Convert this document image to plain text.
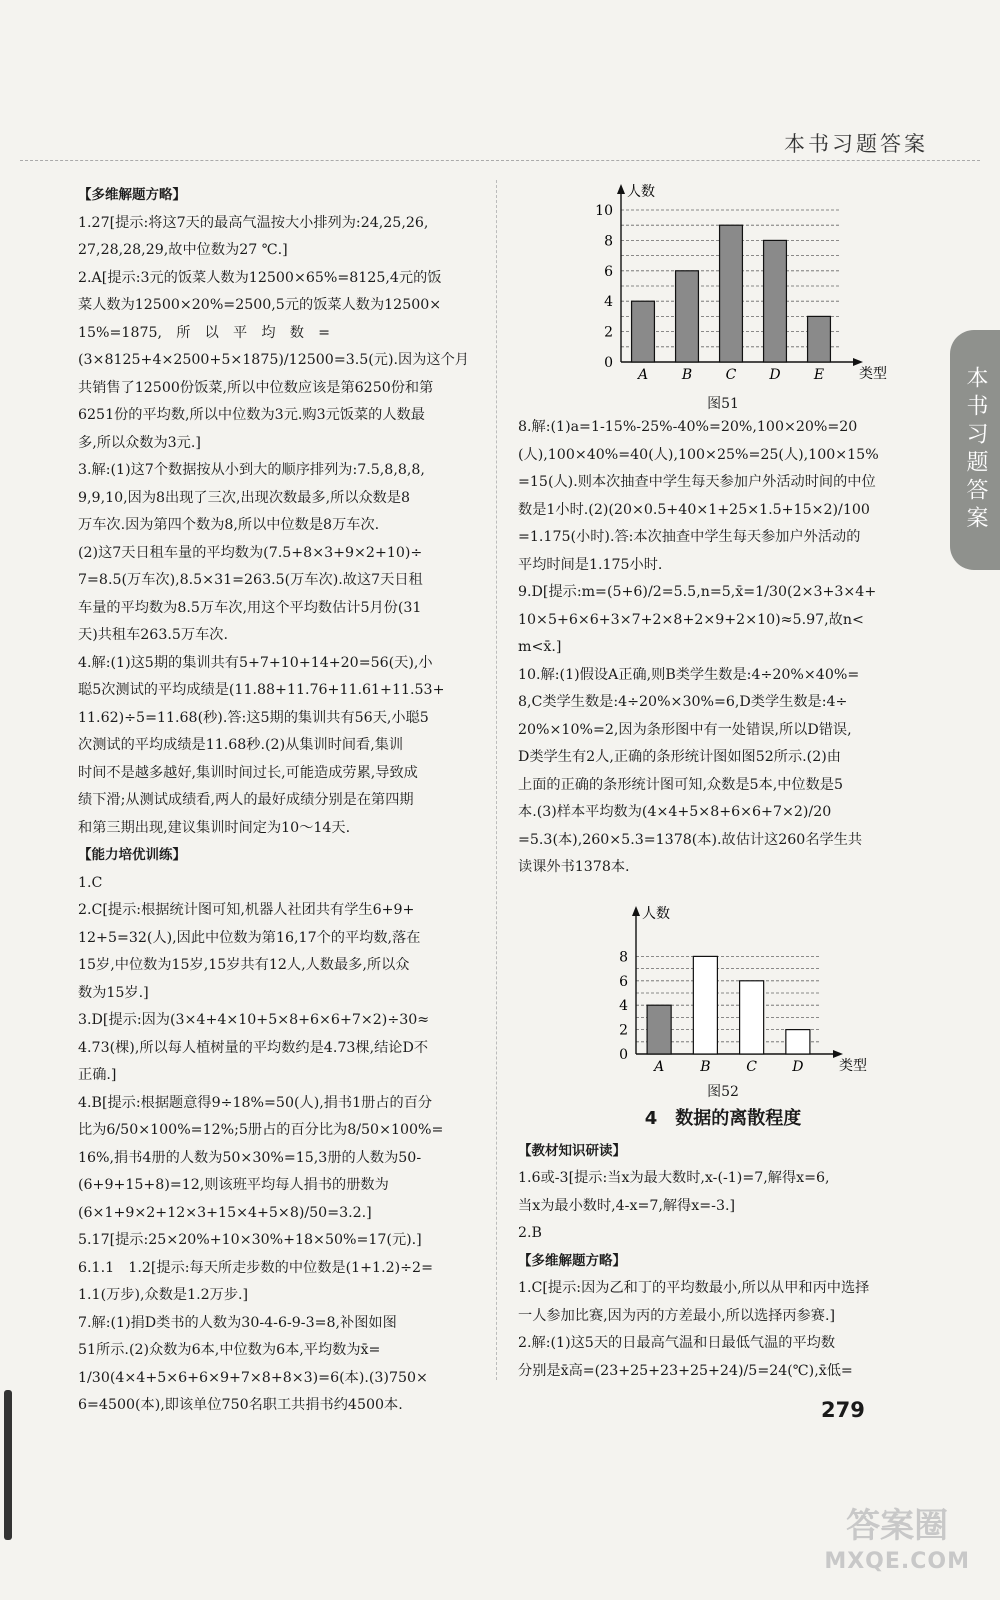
本书习题答案
本书习题答案

【多维解题方略】

1.27[提示:将这7天的最高气温按大小排列为:24,25,26,

27,28,28,29,故中位数为27 ℃.]

2.A[提示:3元的饭菜人数为12500×65%=8125,4元的饭

菜人数为12500×20%=2500,5元的饭菜人数为12500×

15%=1875,　所　以　平　均　数　=

(3×8125+4×2500+5×1875)/12500=3.5(元).因为这个月

共销售了12500份饭菜,所以中位数应该是第6250份和第

6251份的平均数,所以中位数为3元.购3元饭菜的人数最

多,所以众数为3元.]

3.解:(1)这7个数据按从小到大的顺序排列为:7.5,8,8,8,

9,9,10,因为8出现了三次,出现次数最多,所以众数是8

万车次.因为第四个数为8,所以中位数是8万车次.

(2)这7天日租车量的平均数为(7.5+8×3+9×2+10)÷

7=8.5(万车次),8.5×31=263.5(万车次).故这7天日租

车量的平均数为8.5万车次,用这个平均数估计5月份(31

天)共租车263.5万车次.

4.解:(1)这5期的集训共有5+7+10+14+20=56(天),小

聪5次测试的平均成绩是(11.88+11.76+11.61+11.53+

11.62)÷5=11.68(秒).答:这5期的集训共有56天,小聪5

次测试的平均成绩是11.68秒.(2)从集训时间看,集训

时间不是越多越好,集训时间过长,可能造成劳累,导致成

绩下滑;从测试成绩看,两人的最好成绩分别是在第四期

和第三期出现,建议集训时间定为10～14天.

【能力培优训练】

1.C

2.C[提示:根据统计图可知,机器人社团共有学生6+9+

12+5=32(人),因此中位数为第16,17个的平均数,落在

15岁,中位数为15岁,15岁共有12人,人数最多,所以众

数为15岁.]

3.D[提示:因为(3×4+4×10+5×8+6×6+7×2)÷30≈

4.73(棵),所以每人植树量的平均数约是4.73棵,结论D不

正确.]

4.B[提示:根据题意得9÷18%=50(人),捐书1册占的百分

比为6/50×100%=12%;5册占的百分比为8/50×100%=

16%,捐书4册的人数为50×30%=15,3册的人数为50-

(6+9+15+8)=12,则该班平均每人捐书的册数为

(6×1+9×2+12×3+15×4+5×8)/50=3.2.]

5.17[提示:25×20%+10×30%+18×50%=17(元).]

6.1.1　1.2[提示:每天所走步数的中位数是(1+1.2)÷2=

1.1(万步),众数是1.2万步.]

7.解:(1)捐D类书的人数为30-4-6-9-3=8,补图如图

51所示.(2)众数为6本,中位数为6本,平均数为x̄=

1/30(4×4+5×6+6×9+7×8+8×3)=6(本).(3)750×

6=4500(本),即该单位750名职工共捐书约4500本.

0
2
4
6
8
10
人数
类型
A B C D E

图51

8.解:(1)a=1-15%-25%-40%=20%,100×20%=20

(人),100×40%=40(人),100×25%=25(人),100×15%

=15(人).则本次抽查中学生每天参加户外活动时间的中位

数是1小时.(2)(20×0.5+40×1+25×1.5+15×2)/100

=1.175(小时).答:本次抽查中学生每天参加户外活动的

平均时间是1.175小时.

9.D[提示:m=(5+6)/2=5.5,n=5,x̄=1/30(2×3+3×4+

10×5+6×6+3×7+2×8+2×9+2×10)≈5.97,故n<

m<x̄.]

10.解:(1)假设A正确,则B类学生数是:4÷20%×40%=

8,C类学生数是:4÷20%×30%=6,D类学生数是:4÷

20%×10%=2,因为条形图中有一处错误,所以D错误,

D类学生有2人,正确的条形统计图如图52所示.(2)由

上面的正确的条形统计图可知,众数是5本,中位数是5

本.(3)样本平均数为(4×4+5×8+6×6+7×2)/20

=5.3(本),260×5.3=1378(本).故估计这260名学生共

读课外书1378本.

0
2
4
6
8
人数
类型
A	B	C	D

图52

4　数据的离散程度

【教材知识研读】

1.6或-3[提示:当x为最大数时,x-(-1)=7,解得x=6,

当x为最小数时,4-x=7,解得x=-3.]

2.B

【多维解题方略】

1.C[提示:因为乙和丁的平均数最小,所以从甲和丙中选择

一人参加比赛,因为丙的方差最小,所以选择丙参赛.]

2.解:(1)这5天的日最高气温和日最低气温的平均数

分别是x̄高=(23+25+23+25+24)/5=24(℃),x̄低=

279
答案圈
MXQE.COM
